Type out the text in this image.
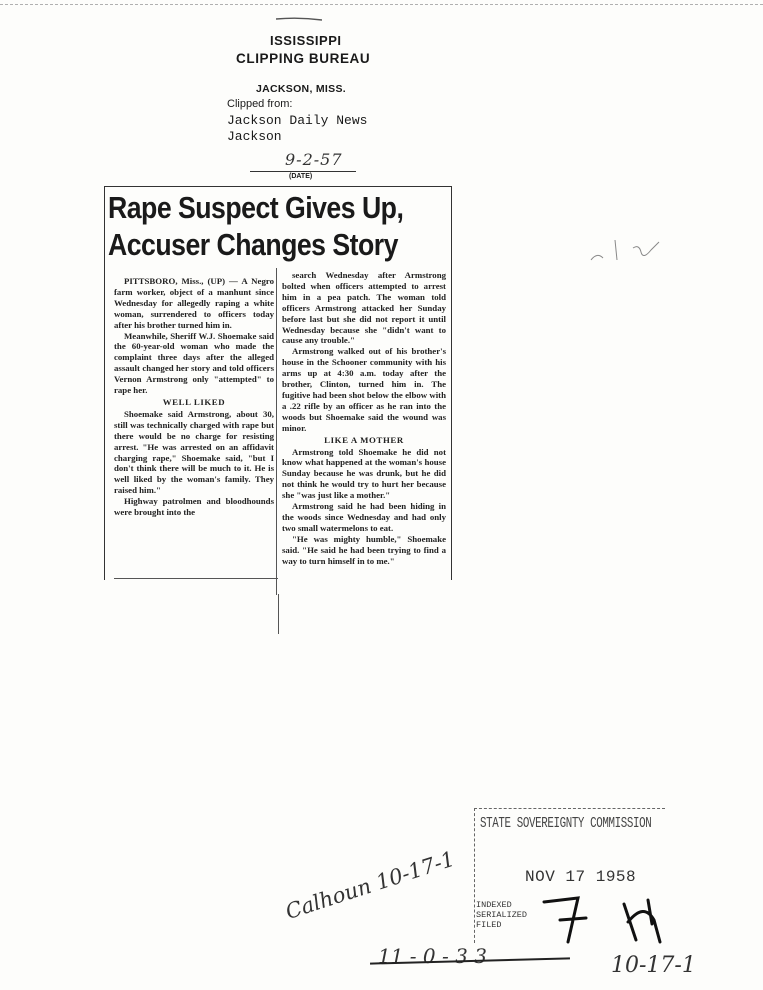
ISSISSIPPI
CLIPPING BUREAU
JACKSON, MISS.
Clipped from:
Jackson Daily News
Jackson
9-2-57
(DATE)
Rape Suspect Gives Up,
Accuser Changes Story

PITTSBORO, Miss., (UP) — A Negro farm worker, object of a manhunt since Wednesday for allegedly raping a white woman, surrendered to officers today after his brother turned him in.

Meanwhile, Sheriff W.J. Shoemake said the 60-year-old woman who made the complaint three days after the alleged assault changed her story and told officers Vernon Armstrong only "attempted" to rape her.

WELL LIKED

Shoemake said Armstrong, about 30, still was technically charged with rape but there would be no charge for resisting arrest. "He was arrested on an affidavit charging rape," Shoemake said, "but I don't think there will be much to it. He is well liked by the woman's family. They raised him."

Highway patrolmen and bloodhounds were brought into the

search Wednesday after Armstrong bolted when officers attempted to arrest him in a pea patch. The woman told officers Armstrong attacked her Sunday before last but she did not report it until Wednesday because she "didn't want to cause any trouble."

Armstrong walked out of his brother's house in the Schooner community with his arms up at 4:30 a.m. today after the brother, Clinton, turned him in. The fugitive had been shot below the elbow with a .22 rifle by an officer as he ran into the woods but Shoemake said the wound was minor.

LIKE A MOTHER

Armstrong told Shoemake he did not know what happened at the woman's house Sunday because he was drunk, but he did not think he would try to hurt her because she "was just like a mother."

Armstrong said he had been hiding in the woods since Wednesday and had only two small watermelons to eat.

"He was mighty humble," Shoemake said. "He said he had been trying to find a way to turn himself in to me."

STATE SOVEREIGNTY COMMISSION
NOV 17 1958
INDEXED
SERIALIZED
FILED
Calhoun 10-17-1
11 - 0 - 3 3	10-17-1
